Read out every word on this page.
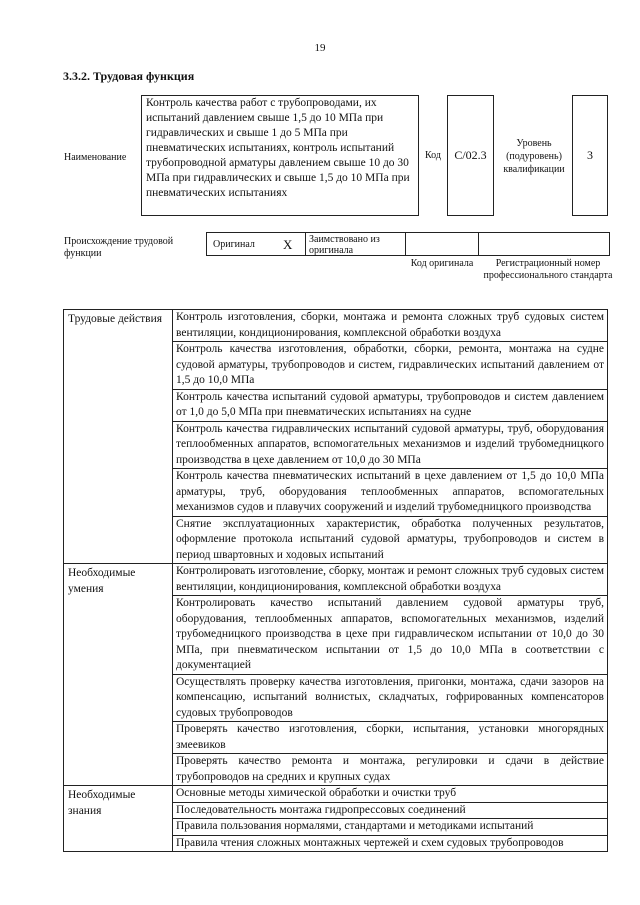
19
3.3.2. Трудовая функция
Наименование
Контроль качества работ с трубопроводами, их испытаний давлением свыше 1,5 до 10 МПа при гидравлических и свыше 1 до 5 МПа при пневматических испытаниях, контроль испытаний трубопроводной арматуры давлением свыше 10 до 30 МПа при гидравлических и свыше 1,5 до 10 МПа при пневматических испытаниях
Код	C/02.3
Уровень (подуровень) квалификации
3
Происхождение трудовой функции
Оригинал X	Заимствовано из оригинала
Код оригинала	Регистрационный номер профессионального стандарта
Трудовые действия	Контроль изготовления, сборки, монтажа и ремонта сложных труб судовых систем вентиляции, кондиционирования, комплексной обработки воздуха
	Контроль качества изготовления, обработки, сборки, ремонта, монтажа на судне судовой арматуры, трубопроводов и систем, гидравлических испытаний давлением от 1,5 до 10,0 МПа
	Контроль качества испытаний судовой арматуры, трубопроводов и систем давлением от 1,0 до 5,0 МПа при пневматических испытаниях на судне
	Контроль качества гидравлических испытаний судовой арматуры, труб, оборудования теплообменных аппаратов, вспомогательных механизмов и изделий трубомедницкого производства в цехе давлением от 10,0 до 30 МПа
	Контроль качества пневматических испытаний в цехе давлением от 1,5 до 10,0 МПа арматуры, труб, оборудования теплообменных аппаратов, вспомогательных механизмов судов и плавучих сооружений и изделий трубомедницкого производства
	Снятие эксплуатационных характеристик, обработка полученных результатов, оформление протокола испытаний судовой арматуры, трубопроводов и систем в период швартовных и ходовых испытаний
Необходимые умения	Контролировать изготовление, сборку, монтаж и ремонт сложных труб судовых систем вентиляции, кондиционирования, комплексной обработки воздуха
	Контролировать качество испытаний давлением судовой арматуры труб, оборудования, теплообменных аппаратов, вспомогательных механизмов, изделий трубомедницкого производства в цехе при гидравлическом испытании от 10,0 до 30 МПа, при пневматическом испытании от 1,5 до 10,0 МПа в соответствии с документацией
	Осуществлять проверку качества изготовления, пригонки, монтажа, сдачи зазоров на компенсацию, испытаний волнистых, складчатых, гофрированных компенсаторов судовых трубопроводов
	Проверять качество изготовления, сборки, испытания, установки многорядных змеевиков
	Проверять качество ремонта и монтажа, регулировки и сдачи в действие трубопроводов на средних и крупных судах
Необходимые знания	Основные методы химической обработки и очистки труб
	Последовательность монтажа гидропрессовых соединений
	Правила пользования нормалями, стандартами и методиками испытаний
	Правила чтения сложных монтажных чертежей и схем судовых трубопроводов
